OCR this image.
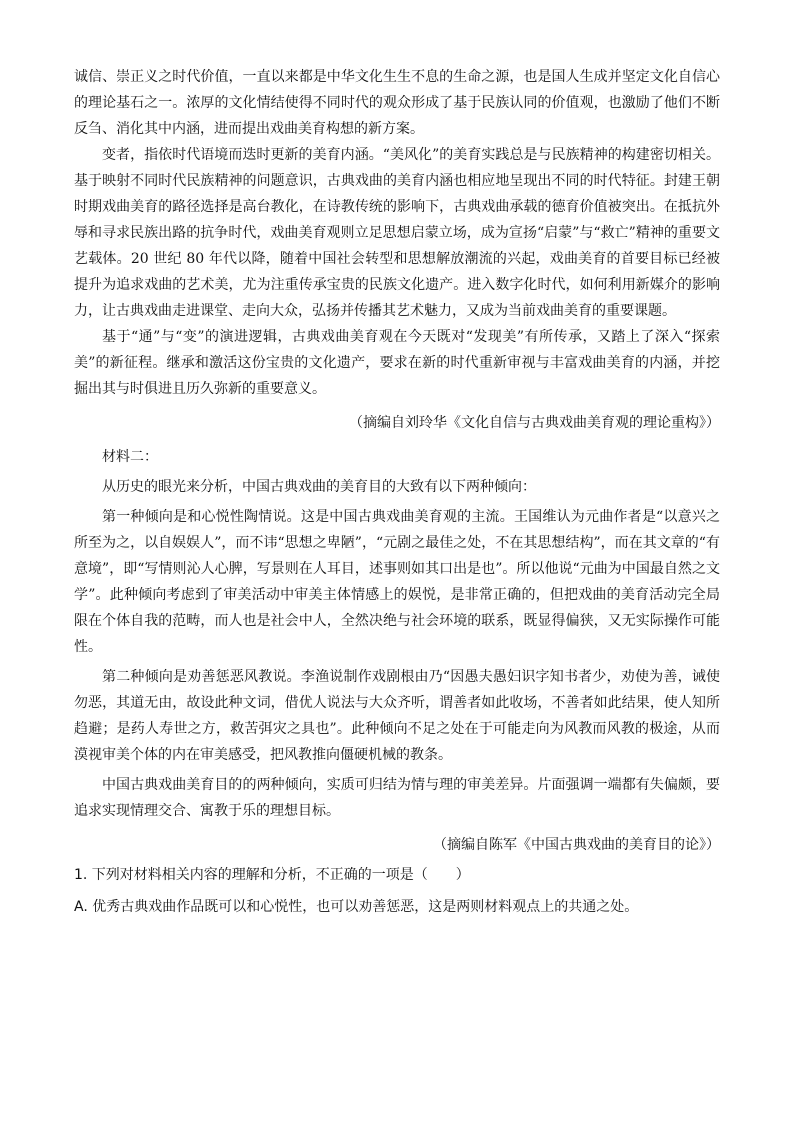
诚信、崇正义之时代价值，一直以来都是中华文化生生不息的生命之源，也是国人生成并坚定文化自信心的理论基石之一。浓厚的文化情结使得不同时代的观众形成了基于民族认同的价值观，也激励了他们不断反刍、消化其中内涵，进而提出戏曲美育构想的新方案。

变者，指依时代语境而迭时更新的美育内涵。“美风化”的美育实践总是与民族精神的构建密切相关。基于映射不同时代民族精神的问题意识，古典戏曲的美育内涵也相应地呈现出不同的时代特征。封建王朝时期戏曲美育的路径选择是高台教化，在诗教传统的影响下，古典戏曲承载的德育价值被突出。在抵抗外辱和寻求民族出路的抗争时代，戏曲美育观则立足思想启蒙立场，成为宣扬“启蒙”与“救亡”精神的重要文艺载体。20 世纪 80 年代以降，随着中国社会转型和思想解放潮流的兴起，戏曲美育的首要目标已经被提升为追求戏曲的艺术美，尤为注重传承宝贵的民族文化遗产。进入数字化时代，如何利用新媒介的影响力，让古典戏曲走进课堂、走向大众，弘扬并传播其艺术魅力，又成为当前戏曲美育的重要课题。

基于“通”与“变”的演进逻辑，古典戏曲美育观在今天既对“发现美”有所传承，又踏上了深入“探索美”的新征程。继承和激活这份宝贵的文化遗产，要求在新的时代重新审视与丰富戏曲美育的内涵，并挖掘出其与时俱进且历久弥新的重要意义。

（摘编自刘玲华《文化自信与古典戏曲美育观的理论重构》）

材料二：

从历史的眼光来分析，中国古典戏曲的美育目的大致有以下两种倾向：

第一种倾向是和心悦性陶情说。这是中国古典戏曲美育观的主流。王国维认为元曲作者是“以意兴之所至为之，以自娱娱人”，而不讳“思想之卑陋”，“元剧之最佳之处，不在其思想结构”，而在其文章的“有意境”，即“写情则沁人心脾，写景则在人耳目，述事则如其口出是也”。所以他说“元曲为中国最自然之文学”。此种倾向考虑到了审美活动中审美主体情感上的娱悦，是非常正确的，但把戏曲的美育活动完全局限在个体自我的范畴，而人也是社会中人，全然决绝与社会环境的联系，既显得偏狭，又无实际操作可能性。

第二种倾向是劝善惩恶风教说。李渔说制作戏剧根由乃“因愚夫愚妇识字知书者少，劝使为善，诫使勿恶，其道无由，故设此种文词，借优人说法与大众齐听，谓善者如此收场，不善者如此结果，使人知所趋避；是药人寿世之方，救苦弭灾之具也”。此种倾向不足之处在于可能走向为风教而风教的极途，从而漠视审美个体的内在审美感受，把风教推向僵硬机械的教条。

中国古典戏曲美育目的的两种倾向，实质可归结为情与理的审美差异。片面强调一端都有失偏颇，要追求实现情理交合、寓教于乐的理想目标。

（摘编自陈军《中国古典戏曲的美育目的论》）

1. 下列对材料相关内容的理解和分析，不正确的一项是（　　）

A. 优秀古典戏曲作品既可以和心悦性，也可以劝善惩恶，这是两则材料观点上的共通之处。
